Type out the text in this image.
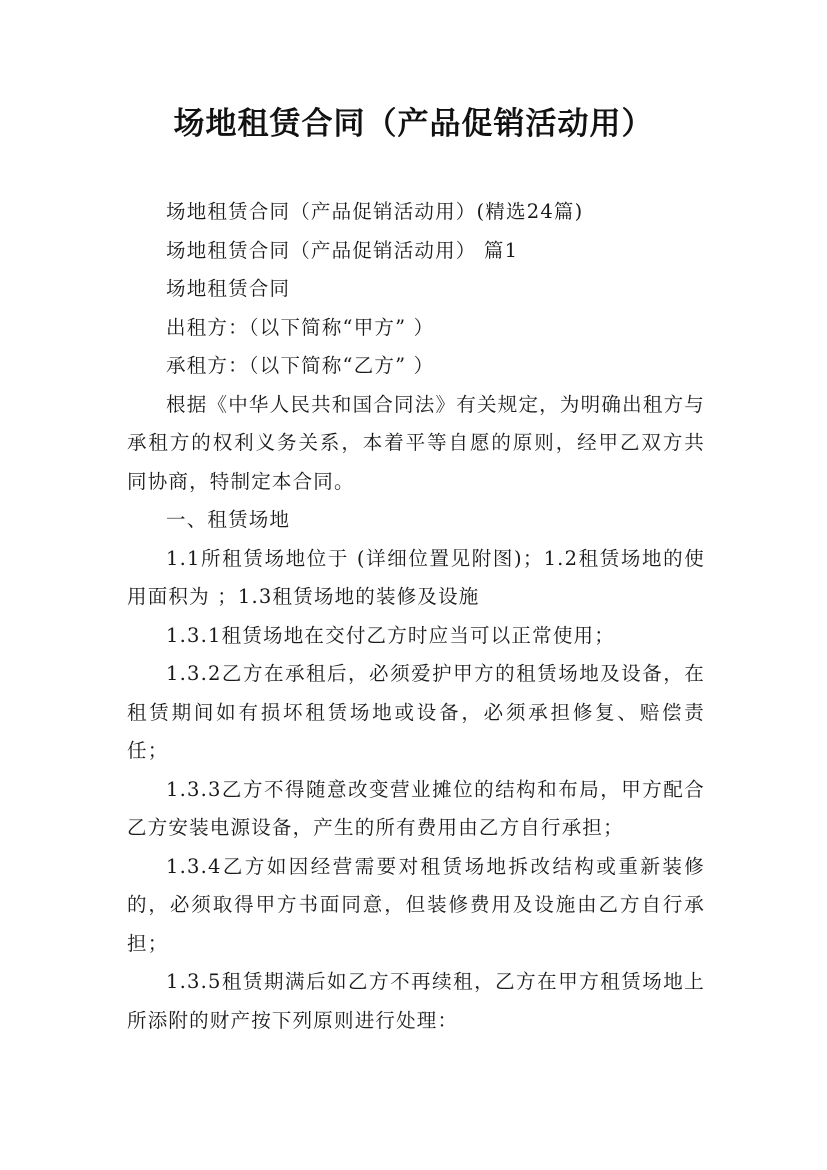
场地租赁合同（产品促销活动用）

场地租赁合同（产品促销活动用）(精选24篇)

场地租赁合同（产品促销活动用） 篇1

场地租赁合同

出租方：（以下简称“甲方” ）

承租方：（以下简称“乙方” ）

根据《中华人民共和国合同法》有关规定，为明确出租方与承租方的权利义务关系，本着平等自愿的原则，经甲乙双方共同协商，特制定本合同。

一、租赁场地

1.1所租赁场地位于 (详细位置见附图)；1.2租赁场地的使用面积为 ；1.3租赁场地的装修及设施

1.3.1租赁场地在交付乙方时应当可以正常使用；

1.3.2乙方在承租后，必须爱护甲方的租赁场地及设备，在租赁期间如有损坏租赁场地或设备，必须承担修复、赔偿责任；

1.3.3乙方不得随意改变营业摊位的结构和布局，甲方配合乙方安装电源设备，产生的所有费用由乙方自行承担；

1.3.4乙方如因经营需要对租赁场地拆改结构或重新装修的，必须取得甲方书面同意，但装修费用及设施由乙方自行承担；

1.3.5租赁期满后如乙方不再续租，乙方在甲方租赁场地上所添附的财产按下列原则进行处理：
